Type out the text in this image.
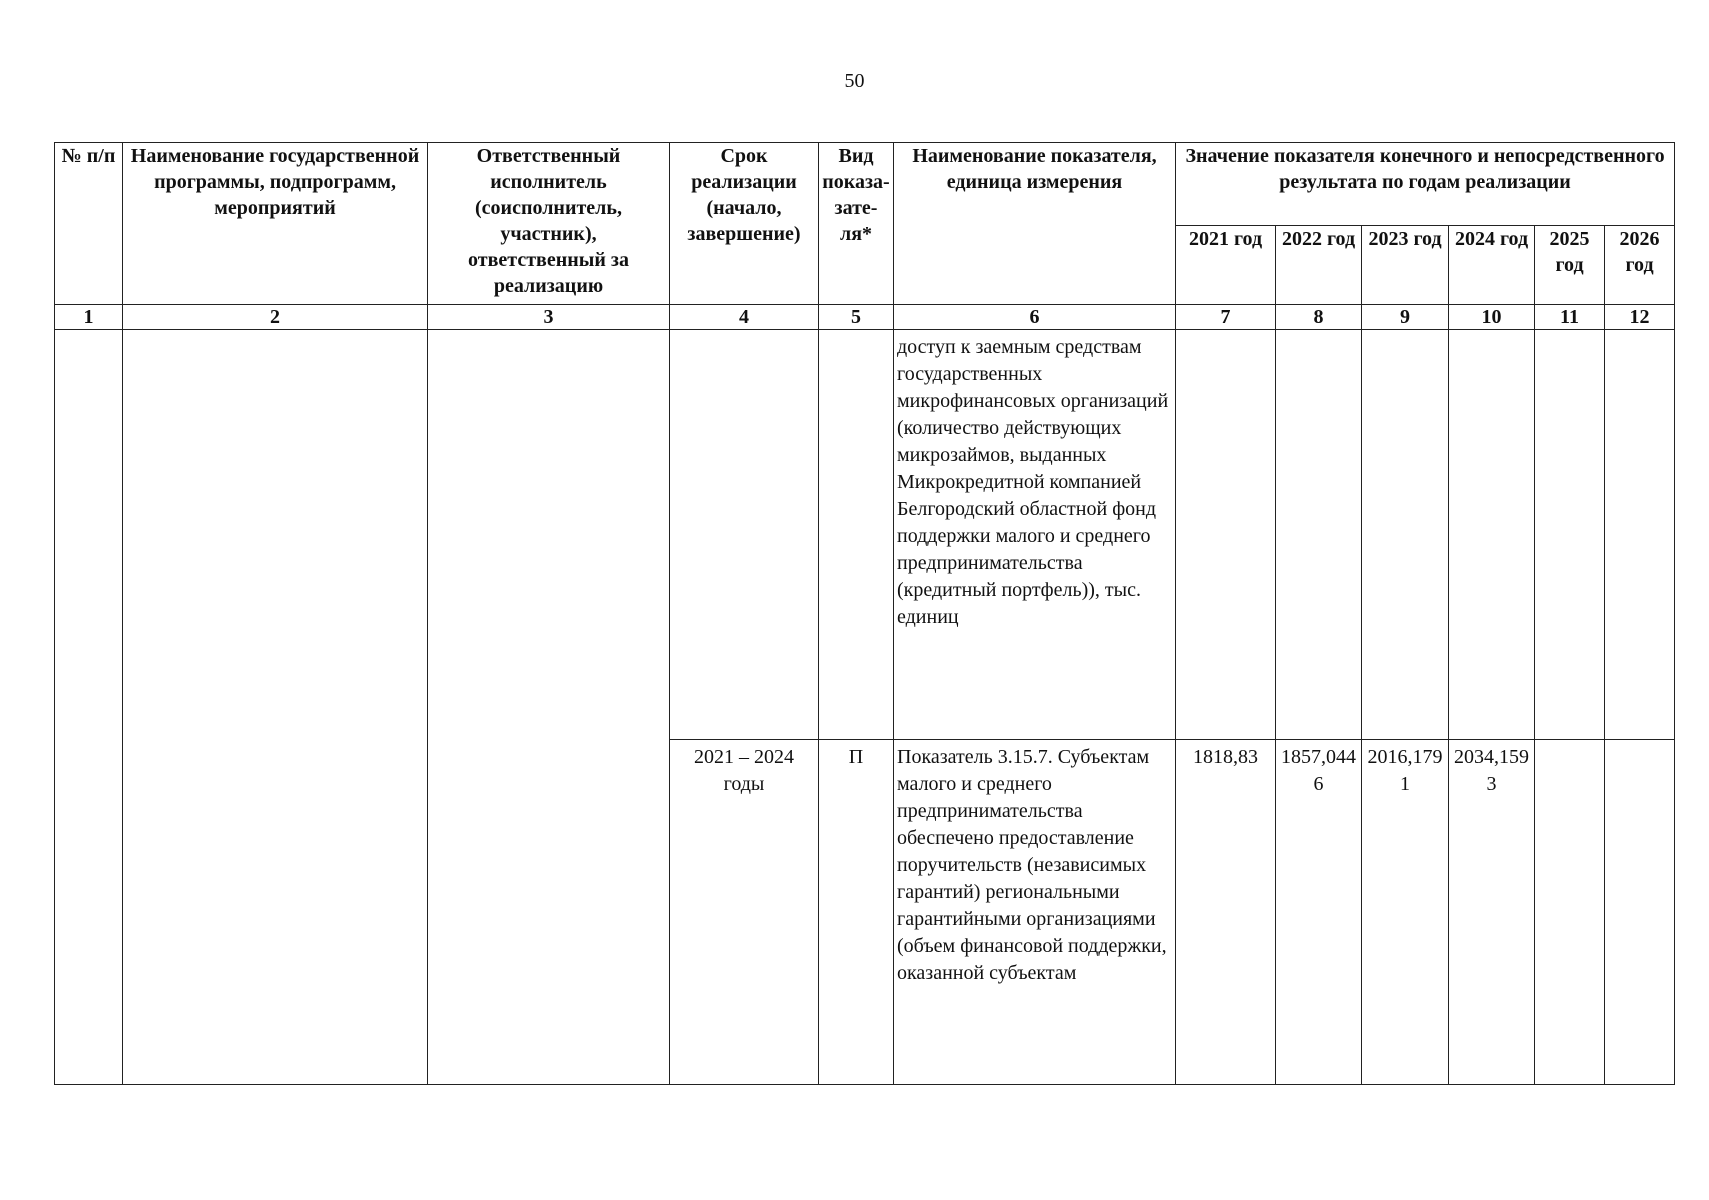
50
№ п/п	Наименование государственной программы, подпрограмм, мероприятий	Ответственный исполнитель (соисполнитель, участник), ответственный за реализацию	Срок реализации (начало, завершение)	Вид показа-зате-ля*	Наименование показателя, единица измерения	Значение показателя конечного и непосредственного результата по годам реализации					
						2021 год	2022 год	2023 год	2024 год	2025 год	2026 год
1	2	3	4	5	6	7	8	9	10	11	12
					доступ к заемным средствам государственных микрофинансовых организаций (количество действующих микрозаймов, выданных Микрокредитной компанией Белгородский областной фонд поддержки малого и среднего предпринимательства (кредитный портфель)), тыс. единиц						
			2021 – 2024 годы	П	Показатель 3.15.7. Субъектам малого и среднего предпринимательства обеспечено предоставление поручительств (независимых гарантий) региональными гарантийными организациями (объем финансовой поддержки, оказанной субъектам	1818,83	1857,0446	2016,1791	2034,1593		
